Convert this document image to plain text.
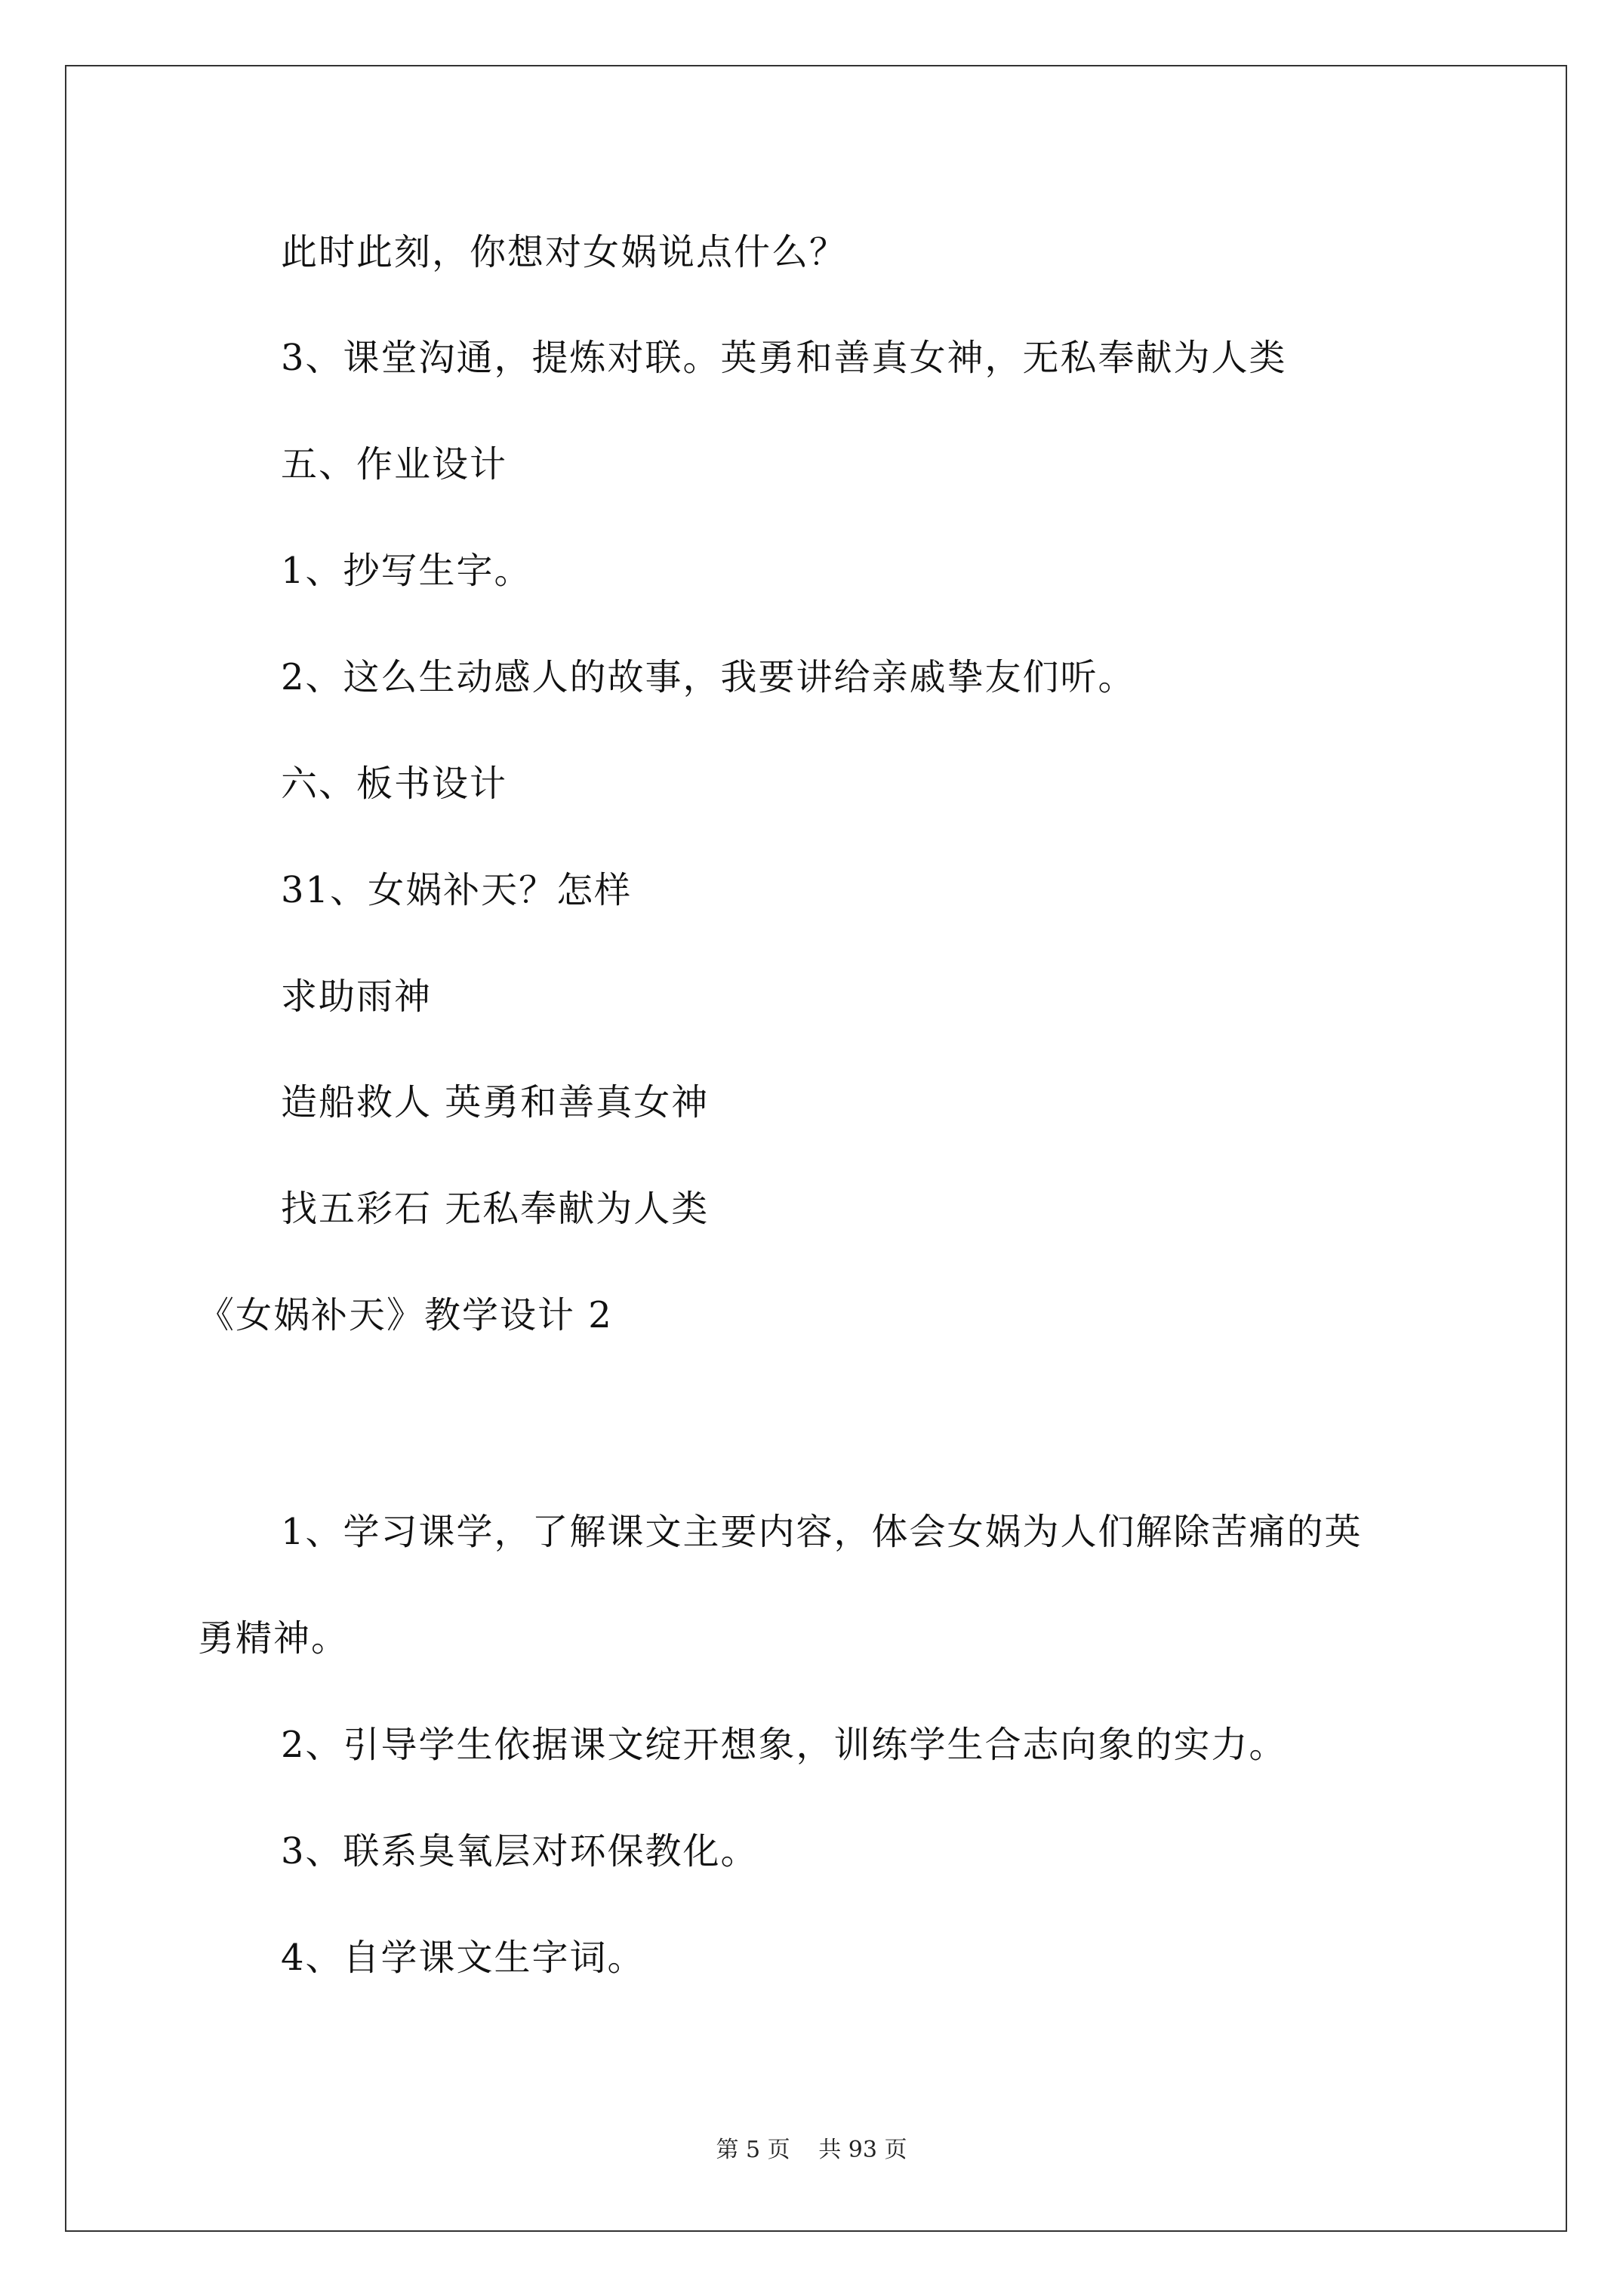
此时此刻，你想对女娲说点什么？
3、课堂沟通，提炼对联。英勇和善真女神，无私奉献为人类
五、作业设计
1、抄写生字。
2、这么生动感人的故事，我要讲给亲戚挚友们听。
六、板书设计
31、女娲补天？怎样
求助雨神
造船救人 英勇和善真女神
找五彩石 无私奉献为人类
《女娲补天》教学设计 2
1、学习课学，了解课文主要内容，体会女娲为人们解除苦痛的英
勇精神。
2、引导学生依据课文绽开想象，训练学生合志向象的实力。
3、联系臭氧层对环保教化。
4、自学课文生字词。
第 5 页 共 93 页
